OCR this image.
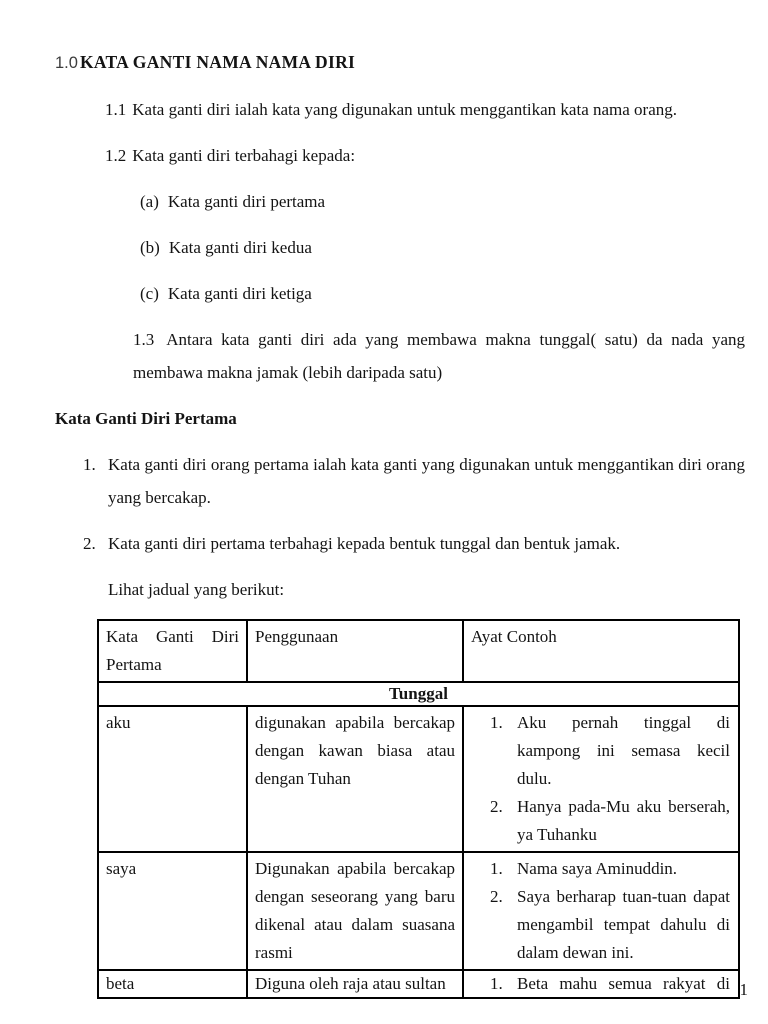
1.0 KATA GANTI NAMA NAMA DIRI

1.1 Kata ganti diri ialah kata yang digunakan untuk menggantikan kata nama orang.

1.2 Kata ganti diri terbahagi kepada:

(a) Kata ganti diri pertama

(b) Kata ganti diri kedua

(c) Kata ganti diri ketiga

1.3 Antara kata ganti diri ada yang membawa makna tunggal( satu) da nada yang membawa makna jamak (lebih daripada satu)

Kata Ganti Diri Pertama
1. Kata ganti diri orang pertama ialah kata ganti yang digunakan untuk menggantikan diri orang yang bercakap.
2. Kata ganti diri pertama terbahagi kepada bentuk tunggal dan bentuk jamak.

Lihat jadual yang berikut:

Kata Ganti Diri Pertama	Penggunaan	Ayat Contoh
Tunggal		
aku	digunakan apabila bercakap dengan kawan biasa atau dengan Tuhan	1. Aku pernah tinggal di kampong ini semasa kecil dulu.
2. Hanya pada-Mu aku berserah, ya Tuhanku

saya	Digunakan apabila bercakap dengan seseorang yang baru dikenal atau dalam suasana rasmi	1. Nama saya Aminuddin.
2. Saya berharap tuan-tuan dapat mengambil tempat dahulu di dalam dewan ini.

beta	Diguna oleh raja atau sultan	1. Beta mahu semua rakyat di 1
